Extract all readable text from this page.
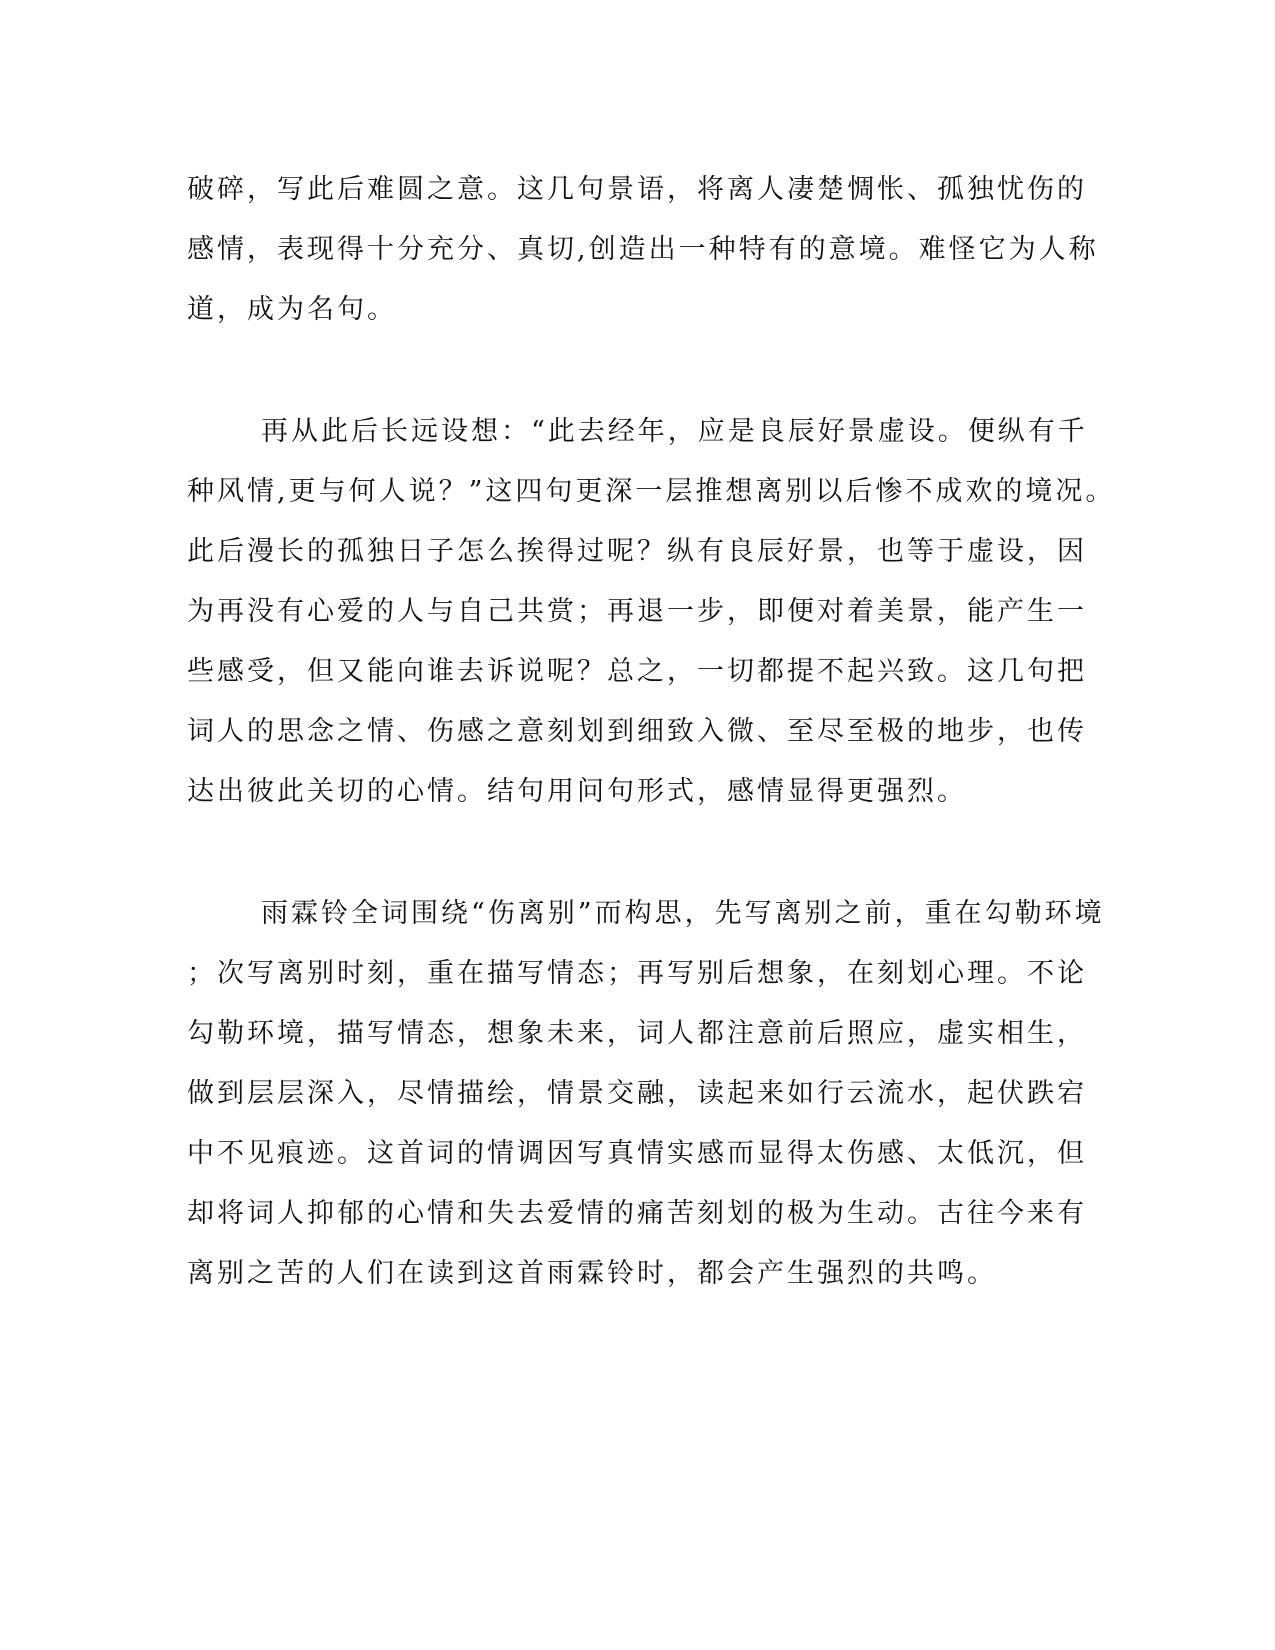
破碎，写此后难圆之意。这几句景语，将离人凄楚惆怅、孤独忧伤的
感情，表现得十分充分、真切,创造出一种特有的意境。难怪它为人称
道，成为名句。
再从此后长远设想：“此去经年，应是良辰好景虚设。便纵有千
种风情,更与何人说？”这四句更深一层推想离别以后惨不成欢的境况。
此后漫长的孤独日子怎么挨得过呢？纵有良辰好景，也等于虚设，因
为再没有心爱的人与自己共赏；再退一步，即便对着美景，能产生一
些感受，但又能向谁去诉说呢？总之，一切都提不起兴致。这几句把
词人的思念之情、伤感之意刻划到细致入微、至尽至极的地步，也传
达出彼此关切的心情。结句用问句形式，感情显得更强烈。
雨霖铃全词围绕“伤离别”而构思，先写离别之前，重在勾勒环境
；次写离别时刻，重在描写情态；再写别后想象，在刻划心理。不论
勾勒环境，描写情态，想象未来，词人都注意前后照应，虚实相生，
做到层层深入，尽情描绘，情景交融，读起来如行云流水，起伏跌宕
中不见痕迹。这首词的情调因写真情实感而显得太伤感、太低沉，但
却将词人抑郁的心情和失去爱情的痛苦刻划的极为生动。古往今来有
离别之苦的人们在读到这首雨霖铃时，都会产生强烈的共鸣。
